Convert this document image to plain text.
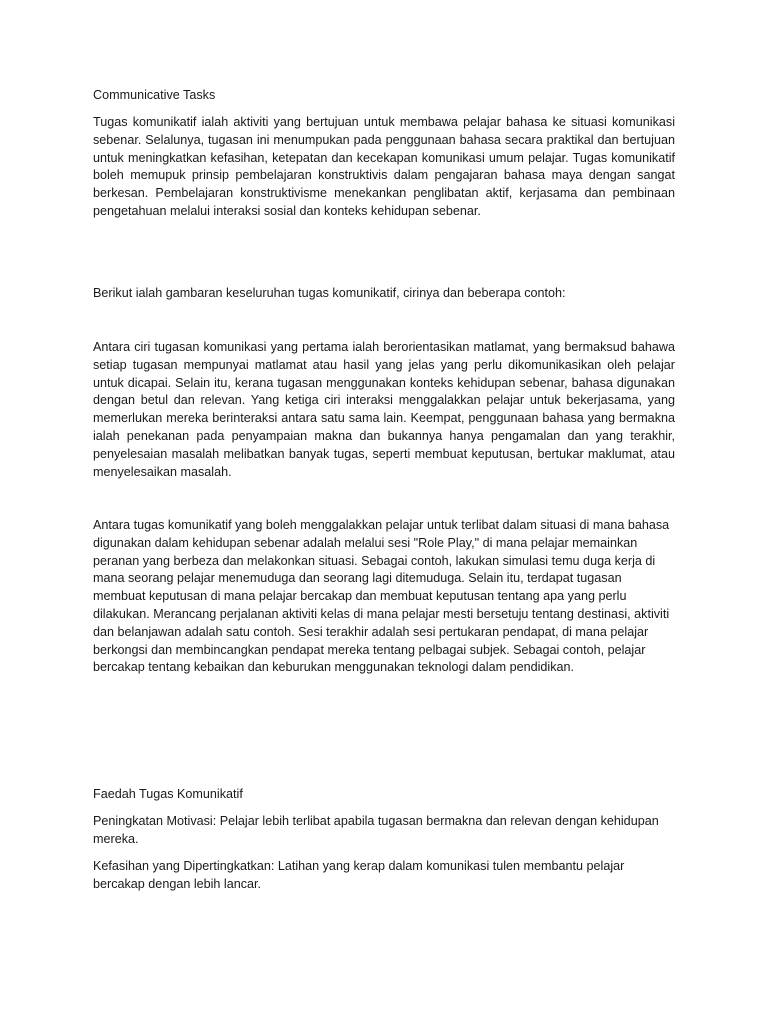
Communicative Tasks

Tugas komunikatif ialah aktiviti yang bertujuan untuk membawa pelajar bahasa ke situasi komunikasi sebenar. Selalunya, tugasan ini menumpukan pada penggunaan bahasa secara praktikal dan bertujuan untuk meningkatkan kefasihan, ketepatan dan kecekapan komunikasi umum pelajar. Tugas komunikatif boleh memupuk prinsip pembelajaran konstruktivis dalam pengajaran bahasa maya dengan sangat berkesan. Pembelajaran konstruktivisme menekankan penglibatan aktif, kerjasama dan pembinaan pengetahuan melalui interaksi sosial dan konteks kehidupan sebenar.

Berikut ialah gambaran keseluruhan tugas komunikatif, cirinya dan beberapa contoh:

Antara ciri tugasan komunikasi yang pertama ialah berorientasikan matlamat, yang bermaksud bahawa setiap tugasan mempunyai matlamat atau hasil yang jelas yang perlu dikomunikasikan oleh pelajar untuk dicapai. Selain itu, kerana tugasan menggunakan konteks kehidupan sebenar, bahasa digunakan dengan betul dan relevan. Yang ketiga ciri interaksi menggalakkan pelajar untuk bekerjasama, yang memerlukan mereka berinteraksi antara satu sama lain. Keempat, penggunaan bahasa yang bermakna ialah penekanan pada penyampaian makna dan bukannya hanya pengamalan dan yang terakhir, penyelesaian masalah melibatkan banyak tugas, seperti membuat keputusan, bertukar maklumat, atau menyelesaikan masalah.

Antara tugas komunikatif yang boleh menggalakkan pelajar untuk terlibat dalam situasi di mana bahasa digunakan dalam kehidupan sebenar adalah melalui sesi "Role Play," di mana pelajar memainkan peranan yang berbeza dan melakonkan situasi. Sebagai contoh, lakukan simulasi temu duga kerja di mana seorang pelajar menemuduga dan seorang lagi ditemuduga. Selain itu, terdapat tugasan membuat keputusan di mana pelajar bercakap dan membuat keputusan tentang apa yang perlu dilakukan. Merancang perjalanan aktiviti kelas di mana pelajar mesti bersetuju tentang destinasi, aktiviti dan belanjawan adalah satu contoh. Sesi terakhir adalah sesi pertukaran pendapat, di mana pelajar berkongsi dan membincangkan pendapat mereka tentang pelbagai subjek. Sebagai contoh, pelajar bercakap tentang kebaikan dan keburukan menggunakan teknologi dalam pendidikan.

Faedah Tugas Komunikatif

Peningkatan Motivasi: Pelajar lebih terlibat apabila tugasan bermakna dan relevan dengan kehidupan mereka.

Kefasihan yang Dipertingkatkan: Latihan yang kerap dalam komunikasi tulen membantu pelajar bercakap dengan lebih lancar.
